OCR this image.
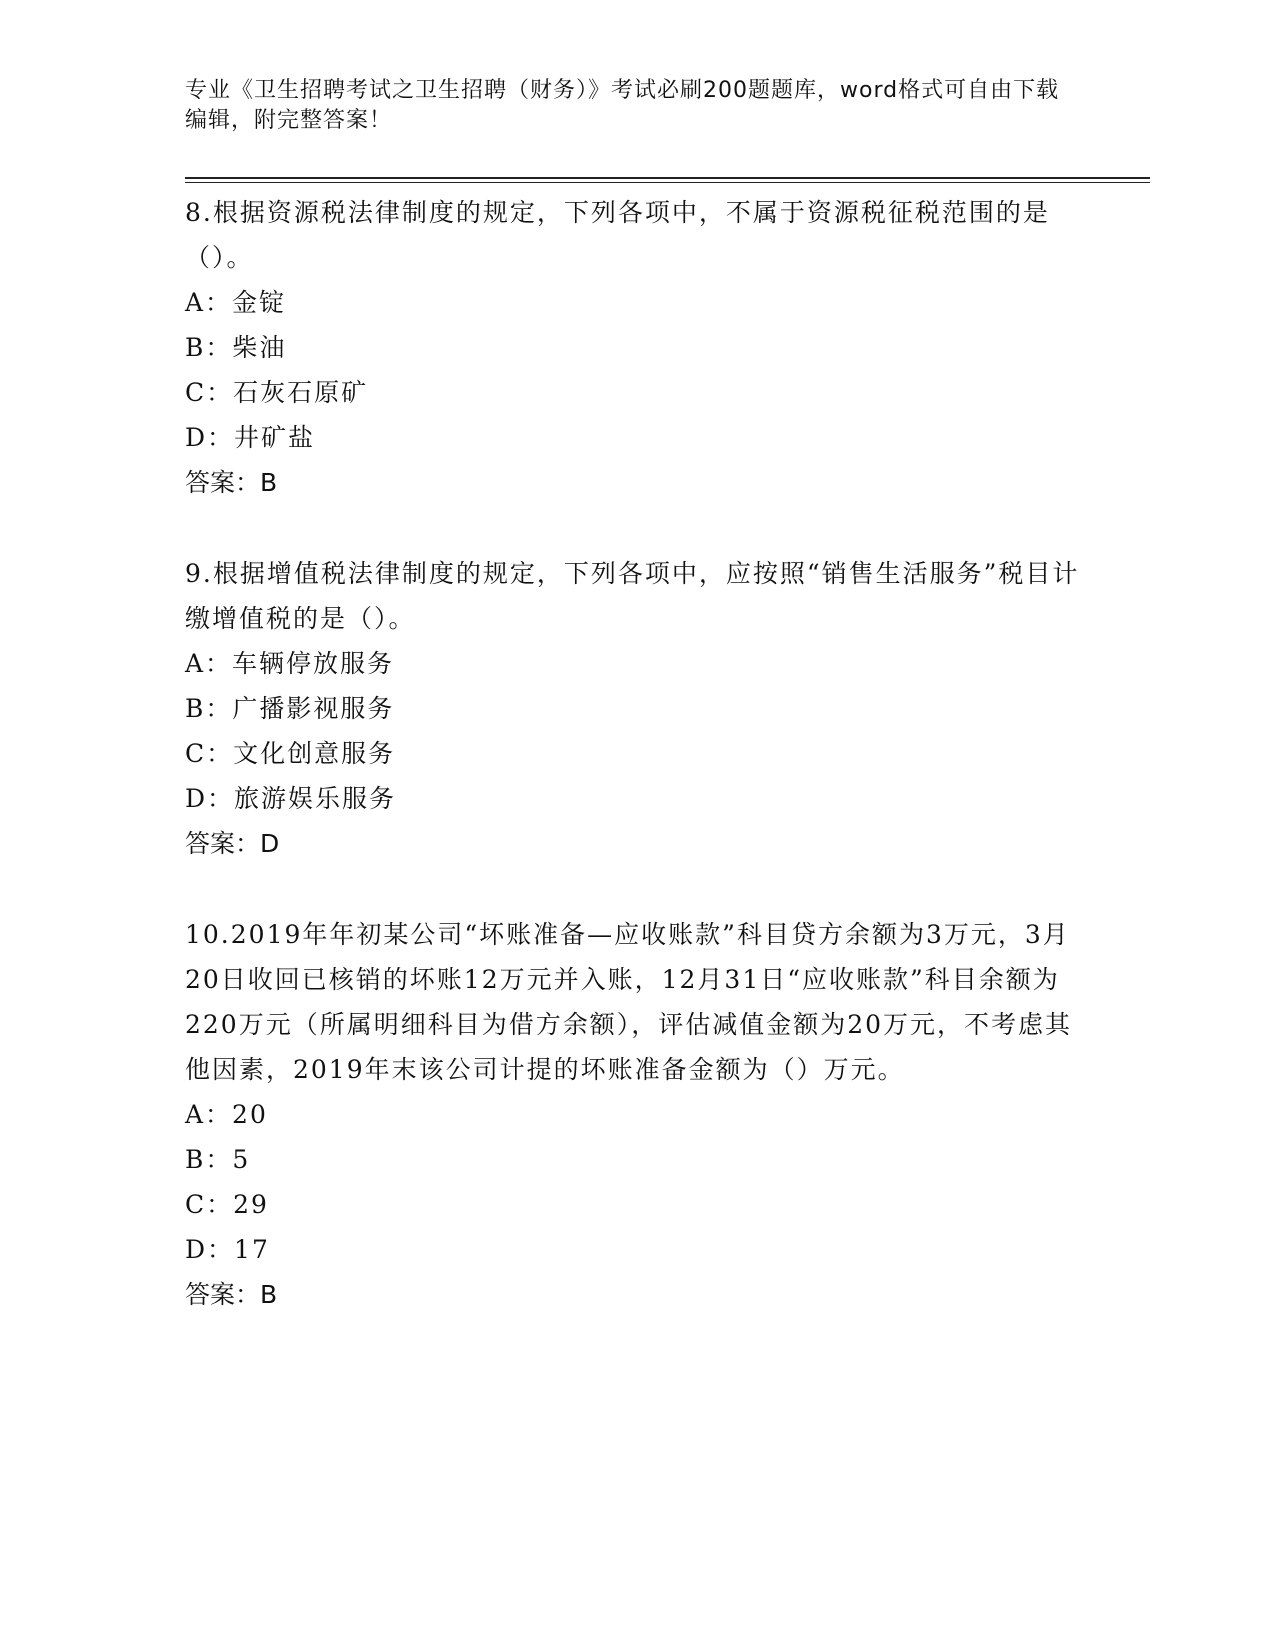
专业《卫生招聘考试之卫生招聘（财务）》考试必刷200题题库，word格式可自由下载编辑，附完整答案！
8.根据资源税法律制度的规定，下列各项中，不属于资源税征税范围的是（）。
A：金锭
B：柴油
C：石灰石原矿
D：井矿盐
答案：B
9.根据增值税法律制度的规定，下列各项中，应按照“销售生活服务”税目计缴增值税的是（）。
A：车辆停放服务
B：广播影视服务
C：文化创意服务
D：旅游娱乐服务
答案：D
10.2019年年初某公司“坏账准备—应收账款”科目贷方余额为3万元，3月20日收回已核销的坏账12万元并入账，12月31日“应收账款”科目余额为220万元（所属明细科目为借方余额），评估减值金额为20万元，不考虑其他因素，2019年末该公司计提的坏账准备金额为（）万元。
A：20
B：5
C：29
D：17
答案：B
